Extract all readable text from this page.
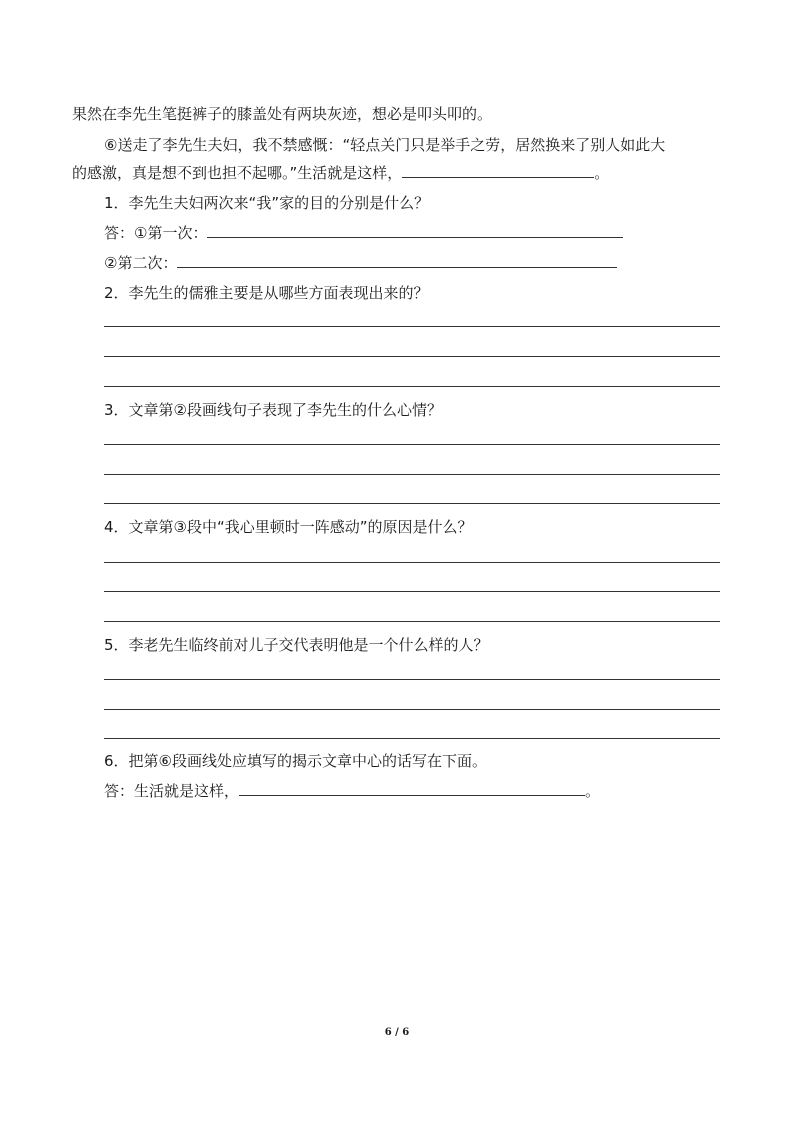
果然在李先生笔挺裤子的膝盖处有两块灰迹，想必是叩头叩的。
⑥送走了李先生夫妇，我不禁感慨：“轻点关门只是举手之劳，居然换来了别人如此大
的感激，真是想不到也担不起哪。”生活就是这样，	。
1．李先生夫妇两次来“我”家的目的分别是什么？
答：①第一次：
②第二次：
2．李先生的儒雅主要是从哪些方面表现出来的？
3．文章第②段画线句子表现了李先生的什么心情？
4．文章第③段中“我心里顿时一阵感动”的原因是什么？
5．李老先生临终前对儿子交代表明他是一个什么样的人？
6．把第⑥段画线处应填写的揭示文章中心的话写在下面。
答：生活就是这样，	。
6 / 6
